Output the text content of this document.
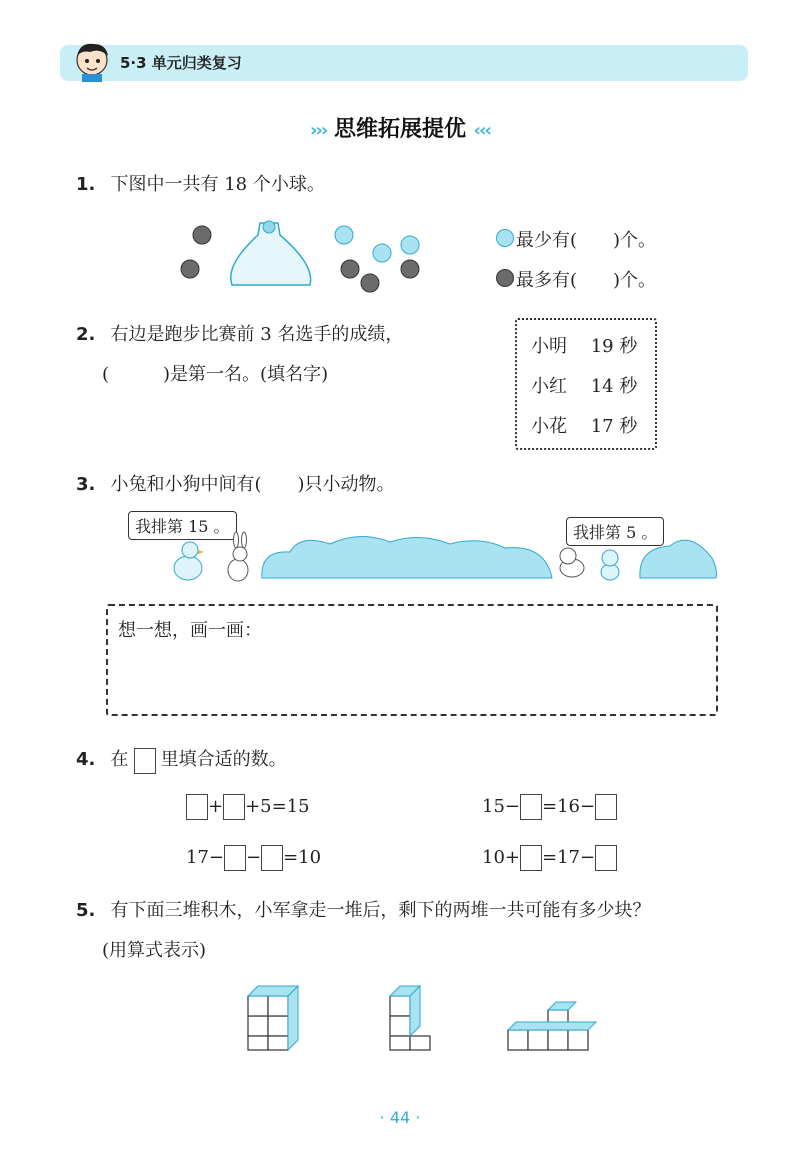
5·3 单元归类复习
››› 思维拓展提优 ‹‹‹
1. 下图中一共有 18 个小球。
最少有(　　)个。
最多有(　　)个。
2. 右边是跑步比赛前 3 名选手的成绩，
(　　　)是第一名。(填名字)
小明 19 秒
小红 14 秒
小花 17 秒
3. 小兔和小狗中间有(　　)只小动物。
我排第 15 。	我排第 5 。
想一想，画一画：
4. 在 里填合适的数。
+ +5=15	15− =16−
17− − =10	10+ =17−
5. 有下面三堆积木，小军拿走一堆后，剩下的两堆一共可能有多少块？
(用算式表示)
· 44 ·
